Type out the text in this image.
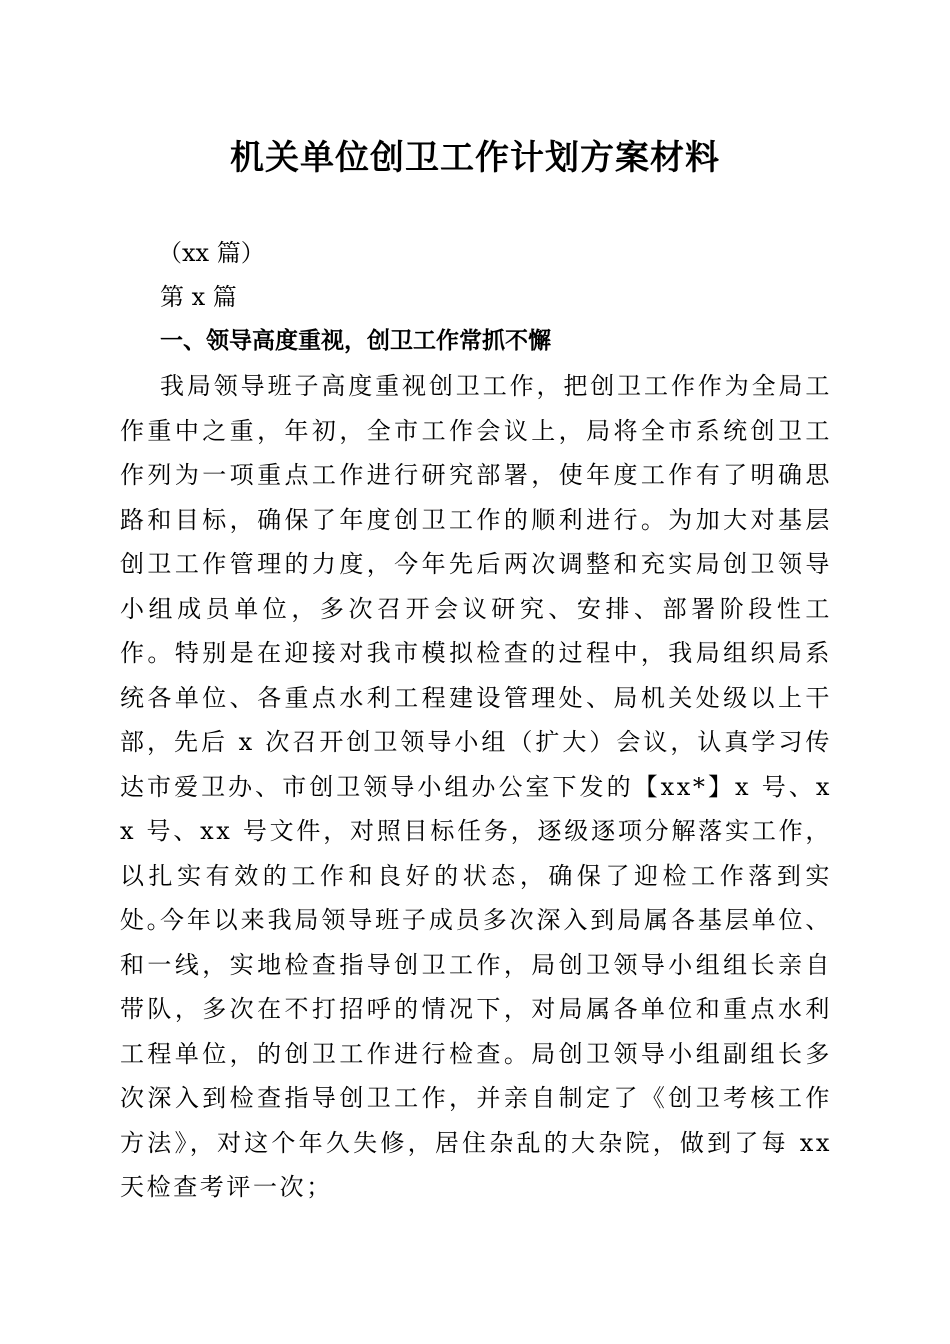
机关单位创卫工作计划方案材料
（xx 篇）
第 x 篇
一、领导高度重视，创卫工作常抓不懈
我局领导班子高度重视创卫工作，把创卫工作作为全局工作重中之重，年初，全市工作会议上，局将全市系统创卫工作列为一项重点工作进行研究部署，使年度工作有了明确思路和目标，确保了年度创卫工作的顺利进行。为加大对基层创卫工作管理的力度，今年先后两次调整和充实局创卫领导小组成员单位，多次召开会议研究、安排、部署阶段性工作。特别是在迎接对我市模拟检查的过程中，我局组织局系统各单位、各重点水利工程建设管理处、局机关处级以上干部，先后 x 次召开创卫领导小组（扩大）会议，认真学习传达市爱卫办、市创卫领导小组办公室下发的【xx*】x 号、xx 号、xx 号文件，对照目标任务，逐级逐项分解落实工作，以扎实有效的工作和良好的状态，确保了迎检工作落到实处。
今年以来我局领导班子成员多次深入到局属各基层单位、和一线，实地检查指导创卫工作，局创卫领导小组组长亲自带队，多次在不打招呼的情况下，对局属各单位和重点水利工程单位，的创卫工作进行检查。局创卫领导小组副组长多次深入到检查指导创卫工作，并亲自制定了《创卫考核工作方法》，对这个年久失修，居住杂乱的大杂院，做到了每 xx 天检查考评一次；
